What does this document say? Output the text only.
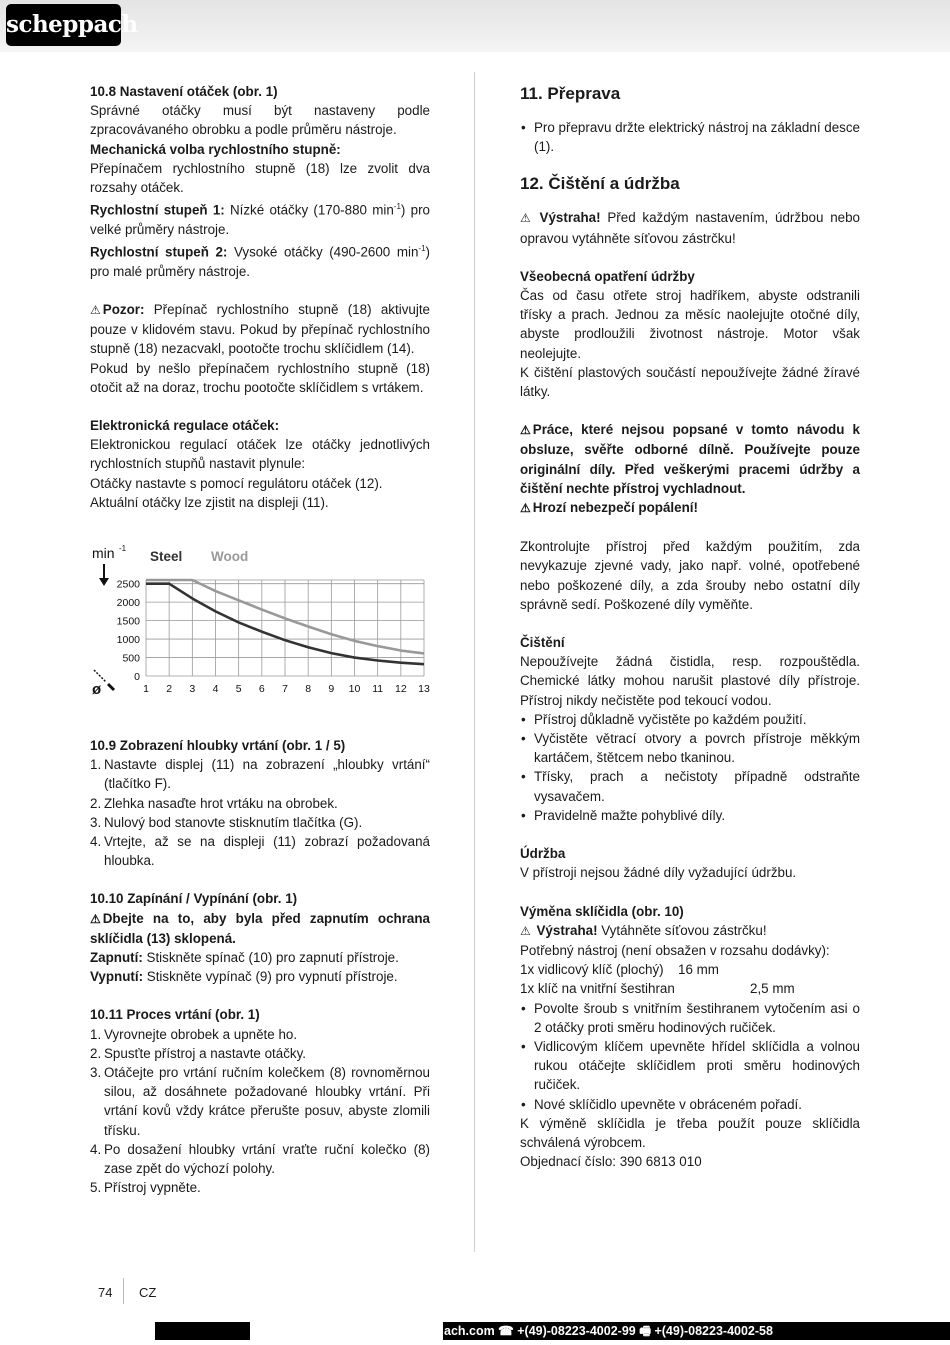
scheppach

10.8 Nastavení otáček (obr. 1)

Správné otáčky musí být nastaveny podle zpracovávaného obrobku a podle průměru nástroje.

Mechanická volba rychlostního stupně:

Přepínačem rychlostního stupně (18) lze zvolit dva rozsahy otáček.

Rychlostní stupeň 1: Nízké otáčky (170-880 $\min^{-1}$) pro velké průměry nástroje.

Rychlostní stupeň 2: Vysoké otáčky (490-2600 $\min^{-1}$) pro malé průměry nástroje.

⚠ Pozor: Přepínač rychlostního stupně (18) aktivujte pouze v klidovém stavu. Pokud by přepínač rychlostního stupně (18) nezacvakl, pootočte trochu sklíčidlem (14).

Pokud by nešlo přepínačem rychlostního stupně (18) otočit až na doraz, trochu pootočte sklíčidlem s vrtákem.

Elektronická regulace otáček:

Elektronickou regulací otáček lze otáčky jednotlivých rychlostních stupňů nastavit plynule:

Otáčky nastavte s pomocí regulátoru otáček (12).

Aktuální otáčky lze zjistit na displeji (11).

0
500
1000
1500
2000
2500
1 2 3 4 5 6 7 8 9 10 11 12 13
min -1
ø
Steel Wood

10.9 Zobrazení hloubky vrtání (obr. 1 / 5)

1. Nastavte displej (11) na zobrazení „hloubky vrtání“ (tlačítko F).
2. Zlehka nasaďte hrot vrtáku na obrobek.
3. Nulový bod stanovte stisknutím tlačítka (G).
4. Vrtejte, až se na displeji (11) zobrazí požadovaná hloubka.

10.10 Zapínání / Vypínání (obr. 1)

⚠ Dbejte na to, aby byla před zapnutím ochrana sklíčidla (13) sklopená.

Zapnutí: Stiskněte spínač (10) pro zapnutí přístroje.

Vypnutí: Stiskněte vypínač (9) pro vypnutí přístroje.

10.11 Proces vrtání (obr. 1)

1. Vyrovnejte obrobek a upněte ho.
2. Spusťte přístroj a nastavte otáčky.
3. Otáčejte pro vrtání ručním kolečkem (8) rovnoměrnou silou, až dosáhnete požadované hloubky vrtání. Při vrtání kovů vždy krátce přerušte posuv, abyste zlomili třísku.
4. Po dosažení hloubky vrtání vraťte ruční kolečko (8) zase zpět do výchozí polohy.
5. Přístroj vypněte.
11. Přeprava
• Pro přepravu držte elektrický nástroj na základní desce (1).
12. Čištění a údržba

⚠ Výstraha! Před každým nastavením, údržbou nebo opravou vytáhněte síťovou zástrčku!

Všeobecná opatření údržby

Čas od času otřete stroj hadříkem, abyste odstranili třísky a prach. Jednou za měsíc naolejujte otočné díly, abyste prodloužili životnost nástroje. Motor však neolejujte.

K čištění plastových součástí nepoužívejte žádné žíravé látky.

⚠ Práce, které nejsou popsané v tomto návodu k obsluze, svěřte odborné dílně. Používejte pouze originální díly. Před veškerými pracemi údržby a čištění nechte přístroj vychladnout.

⚠ Hrozí nebezpečí popálení!

Zkontrolujte přístroj před každým použitím, zda nevykazuje zjevné vady, jako např. volné, opotřebené nebo poškozené díly, a zda šrouby nebo ostatní díly správně sedí. Poškozené díly vyměňte.

Čištění

Nepoužívejte žádná čistidla, resp. rozpouštědla. Chemické látky mohou narušit plastové díly přístroje. Přístroj nikdy nečistěte pod tekoucí vodou.

• Přístroj důkladně vyčistěte po každém použití.
• Vyčistěte větrací otvory a povrch přístroje měkkým kartáčem, štětcem nebo tkaninou.
• Třísky, prach a nečistoty případně odstraňte vysavačem.
• Pravidelně mažte pohyblivé díly.

Údržba

V přístroji nejsou žádné díly vyžadující údržbu.

Výměna sklíčidla (obr. 10)

⚠ Výstraha! Vytáhněte síťovou zástrčku!

Potřebný nástroj (není obsažen v rozsahu dodávky):

1x vidlicový klíč (plochý) 16 mm

1x klíč na vnitřní šestihran	2,5 mm

• Povolte šroub s vnitřním šestihranem vytočením asi o 2 otáčky proti směru hodinových ručiček.
• Vidlicovým klíčem upevněte hřídel sklíčidla a volnou rukou otáčejte sklíčidlem proti směru hodinových ručiček.
• Nové sklíčidlo upevněte v obráceném pořadí.

K výměně sklíčidla je třeba použít pouze sklíčidla schválená výrobcem.

Objednací číslo: 390 6813 010

74 CZ
ach.com ☎ +(49)-08223-4002-99 🖷 +(49)-08223-4002-58
